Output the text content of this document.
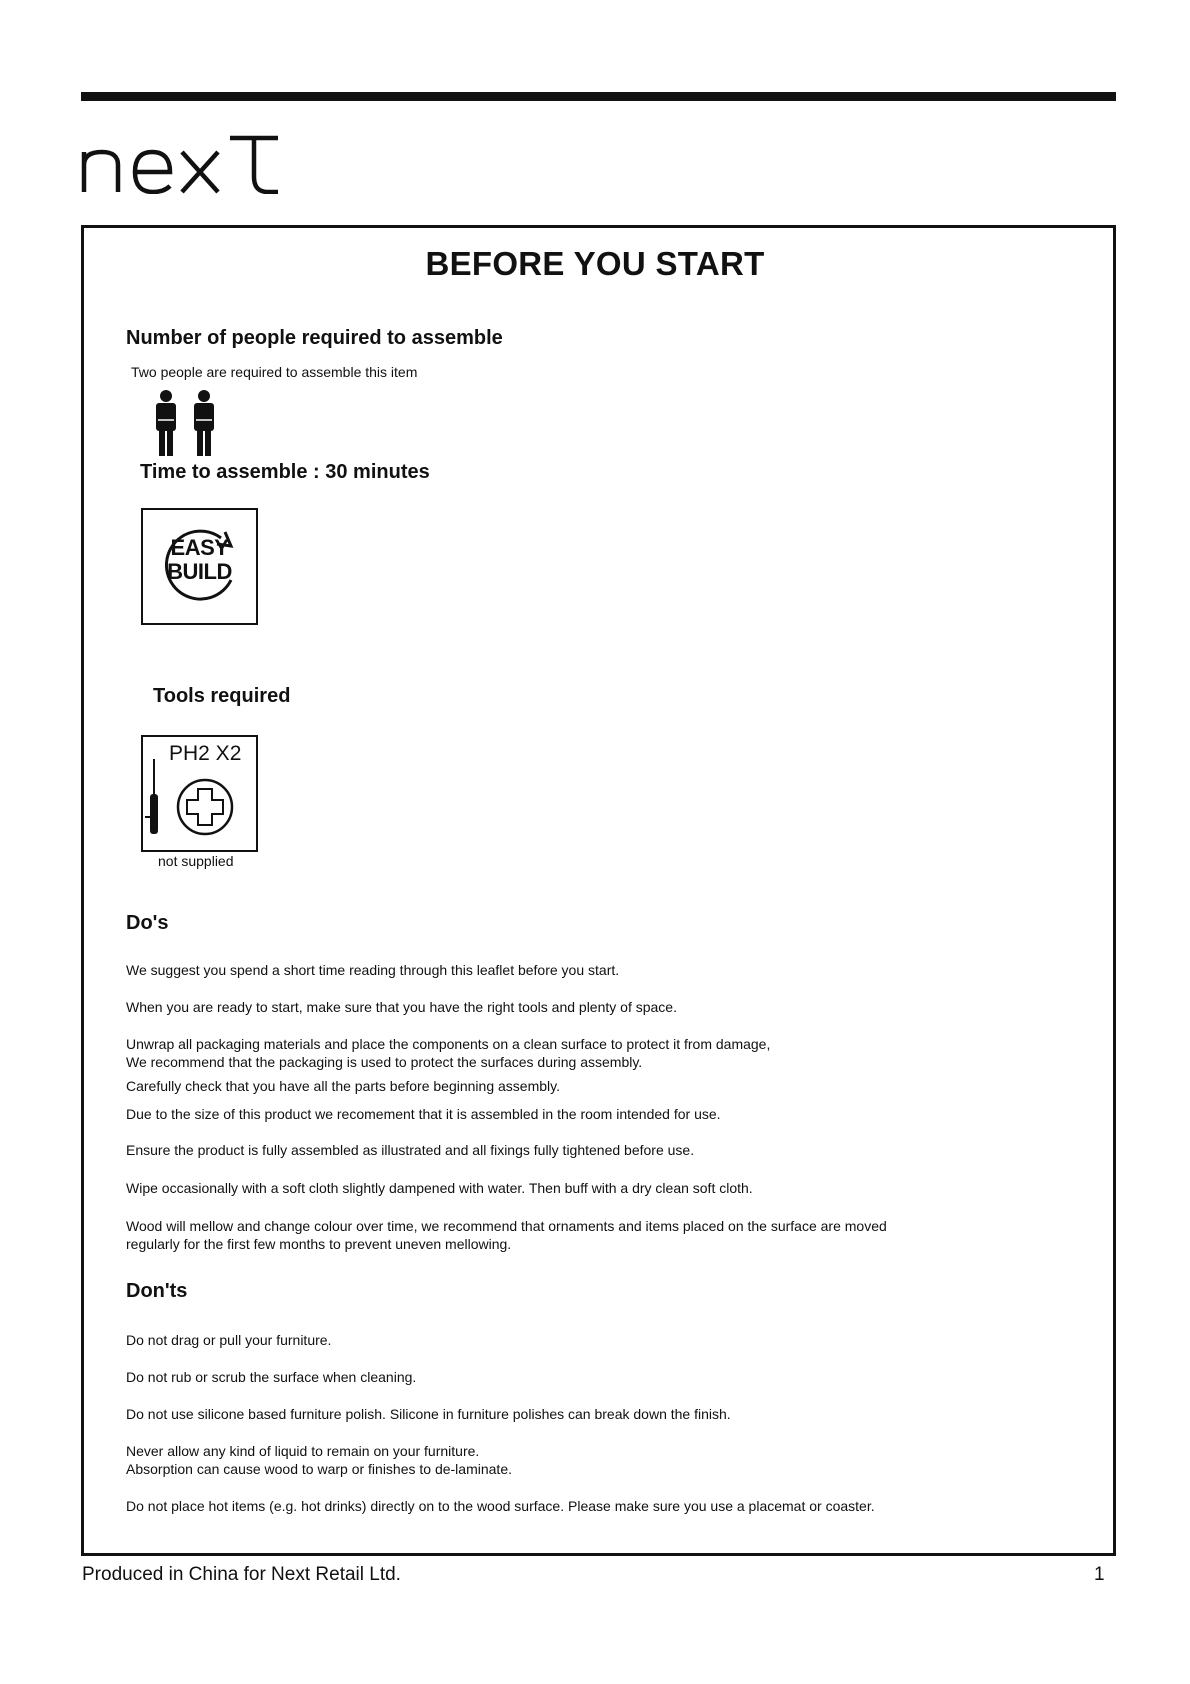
BEFORE YOU START
Number of people required to assemble
Two people are required to assemble this item
Time to assemble : 30 minutes
EASY
BUILD
Tools required
PH2 X2
not supplied
Do's
We suggest you spend a short time reading through this leaflet before you start.
When you are ready to start, make sure that you have the right tools and plenty of space.
Unwrap all packaging materials and place the components on a clean surface to protect it from damage,
We recommend that the packaging is used to protect the surfaces during assembly.
Carefully check that you have all the parts before beginning assembly.
Due to the size of this product we recomement that it is assembled in the room intended for use.
Ensure the product is fully assembled as illustrated and all fixings fully tightened before use.
Wipe occasionally with a soft cloth slightly dampened with water. Then buff with a dry clean soft cloth.
Wood will mellow and change colour over time, we recommend that ornaments and items placed on the surface are moved
regularly for the first few months to prevent uneven mellowing.
Don'ts
Do not drag or pull your furniture.
Do not rub or scrub the surface when cleaning.
Do not use silicone based furniture polish. Silicone in furniture polishes can break down the finish.
Never allow any kind of liquid to remain on your furniture.
Absorption can cause wood to warp or finishes to de-laminate.
Do not place hot items (e.g. hot drinks) directly on to the wood surface. Please make sure you use a placemat or coaster.
Produced in China for Next Retail Ltd.	1
